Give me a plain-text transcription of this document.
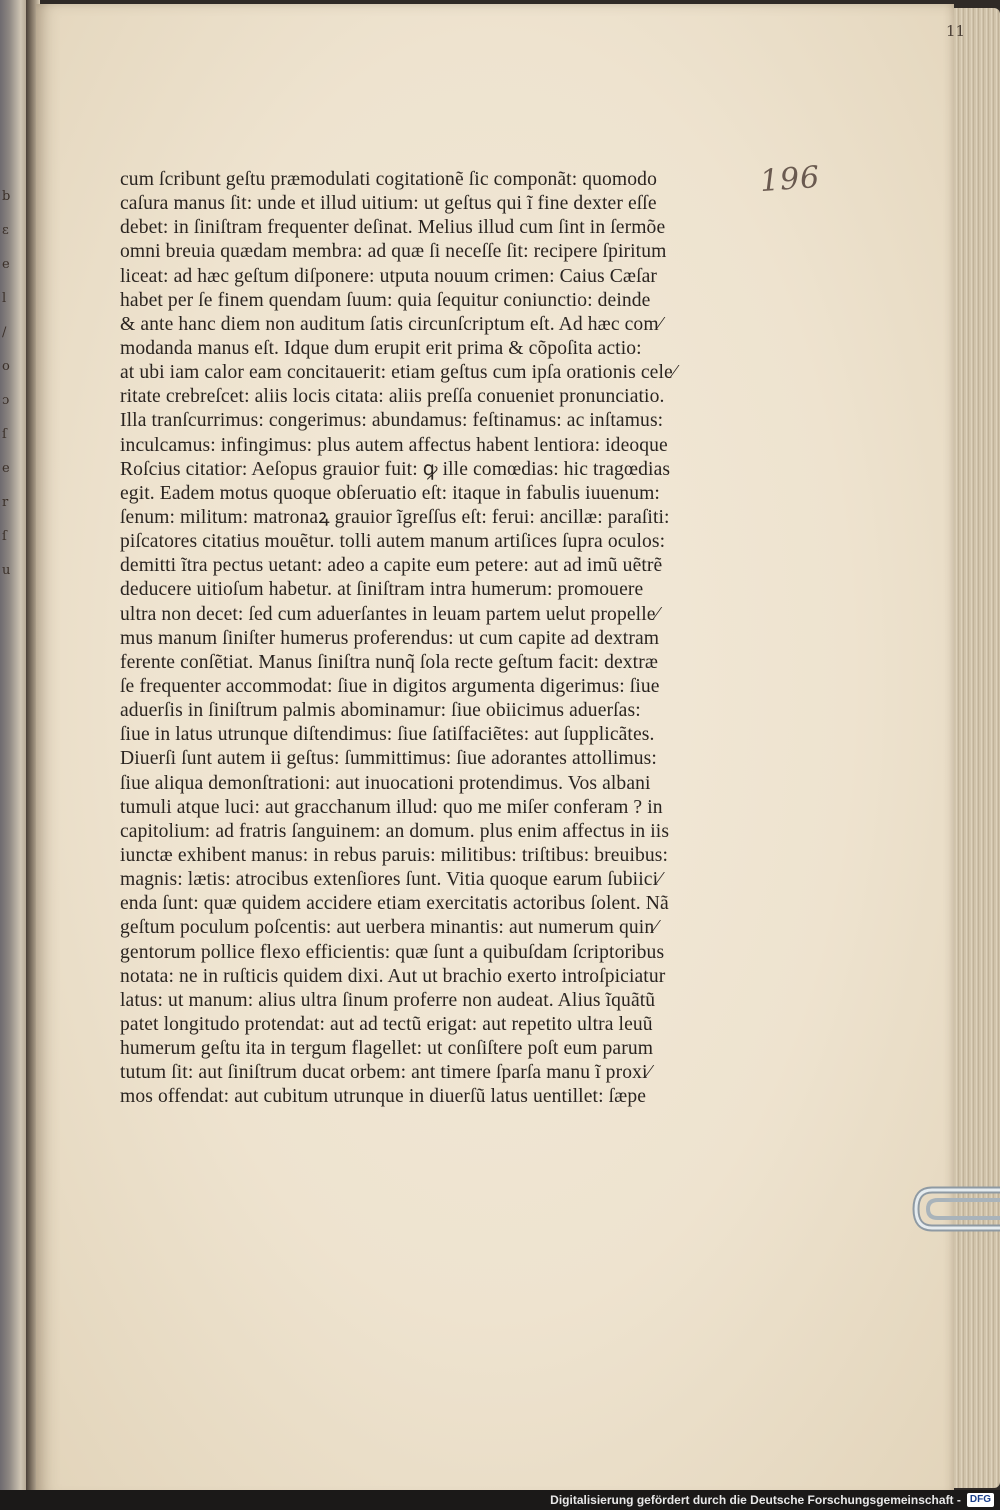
b
ɛ
e
l
/
o
ɔ
ſ
e
r
ſ
u
11
196
cum ſcribunt geſtu præmodulati cogitationẽ ſic componãt: quomodo
caſura manus ſit: unde et illud uitium: ut geſtus qui ĩ fine dexter eſſe
debet: in ſiniſtram frequenter deſinat. Melius illud cum ſint in ſermõe
omni breuia quædam membra: ad quæ ſi neceſſe ſit: recipere ſpiritum
liceat: ad hæc geſtum diſponere: utputa nouum crimen: Caius Cæſar
habet per ſe finem quendam ſuum: quia ſequitur coniunctio: deinde
& ante hanc diem non auditum ſatis circunſcriptum eſt. Ad hæc com⁄
modanda manus eſt. Idque dum erupit erit prima & cõpoſita actio:
at ubi iam calor eam concitauerit: etiam geſtus cum ipſa orationis cele⁄
ritate crebreſcet: aliis locis citata: aliis preſſa conueniet pronunciatio.
Illa tranſcurrimus: congerimus: abundamus: feſtinamus: ac inſtamus:
inculcamus: infingimus: plus autem affectus habent lentiora: ideoque
Roſcius citatior: Aeſopus grauior fuit: ꝙ ille comœdias: hic tragœdias
egit. Eadem motus quoque obſeruatio eſt: itaque in fabulis iuuenum:
ſenum: militum: matronaꝝ grauior ĩgreſſus eſt: ferui: ancillæ: paraſiti:
piſcatores citatius mouẽtur. tolli autem manum artiſices ſupra oculos:
demitti ĩtra pectus uetant: adeo a capite eum petere: aut ad imũ uẽtrẽ
deducere uitioſum habetur. at ſiniſtram intra humerum: promouere
ultra non decet: ſed cum aduerſantes in leuam partem uelut propelle⁄
mus manum ſiniſter humerus proferendus: ut cum capite ad dextram
ferente conſẽtiat. Manus ſiniſtra nunq̃ ſola recte geſtum facit: dextræ
ſe frequenter accommodat: ſiue in digitos argumenta digerimus: ſiue
aduerſis in ſiniſtrum palmis abominamur: ſiue obiicimus aduerſas:
ſiue in latus utrunque diſtendimus: ſiue ſatiſfaciẽtes: aut ſupplicãtes.
Diuerſi ſunt autem ii geſtus: ſummittimus: ſiue adorantes attollimus:
ſiue aliqua demonſtrationi: aut inuocationi protendimus. Vos albani
tumuli atque luci: aut gracchanum illud: quo me miſer conferam ? in
capitolium: ad fratris ſanguinem: an domum. plus enim affectus in iis
iunctæ exhibent manus: in rebus paruis: militibus: triſtibus: breuibus:
magnis: lætis: atrocibus extenſiores ſunt. Vitia quoque earum ſubiici⁄
enda ſunt: quæ quidem accidere etiam exercitatis actoribus ſolent. Nã
geſtum poculum poſcentis: aut uerbera minantis: aut numerum quin⁄
gentorum pollice flexo efficientis: quæ ſunt a quibuſdam ſcriptoribus
notata: ne in ruſticis quidem dixi. Aut ut brachio exerto introſpiciatur
latus: ut manum: alius ultra ſinum proferre non audeat. Alius ĩquãtũ
patet longitudo protendat: aut ad tectũ erigat: aut repetito ultra leuũ
humerum geſtu ita in tergum flagellet: ut conſiſtere poſt eum parum
tutum ſit: aut ſiniſtrum ducat orbem: ant timere ſparſa manu ĩ proxi⁄
mos offendat: aut cubitum utrunque in diuerſũ latus uentillet: ſæpe
Digitalisierung gefördert durch die Deutsche Forschungsgemeinschaft - DFG
